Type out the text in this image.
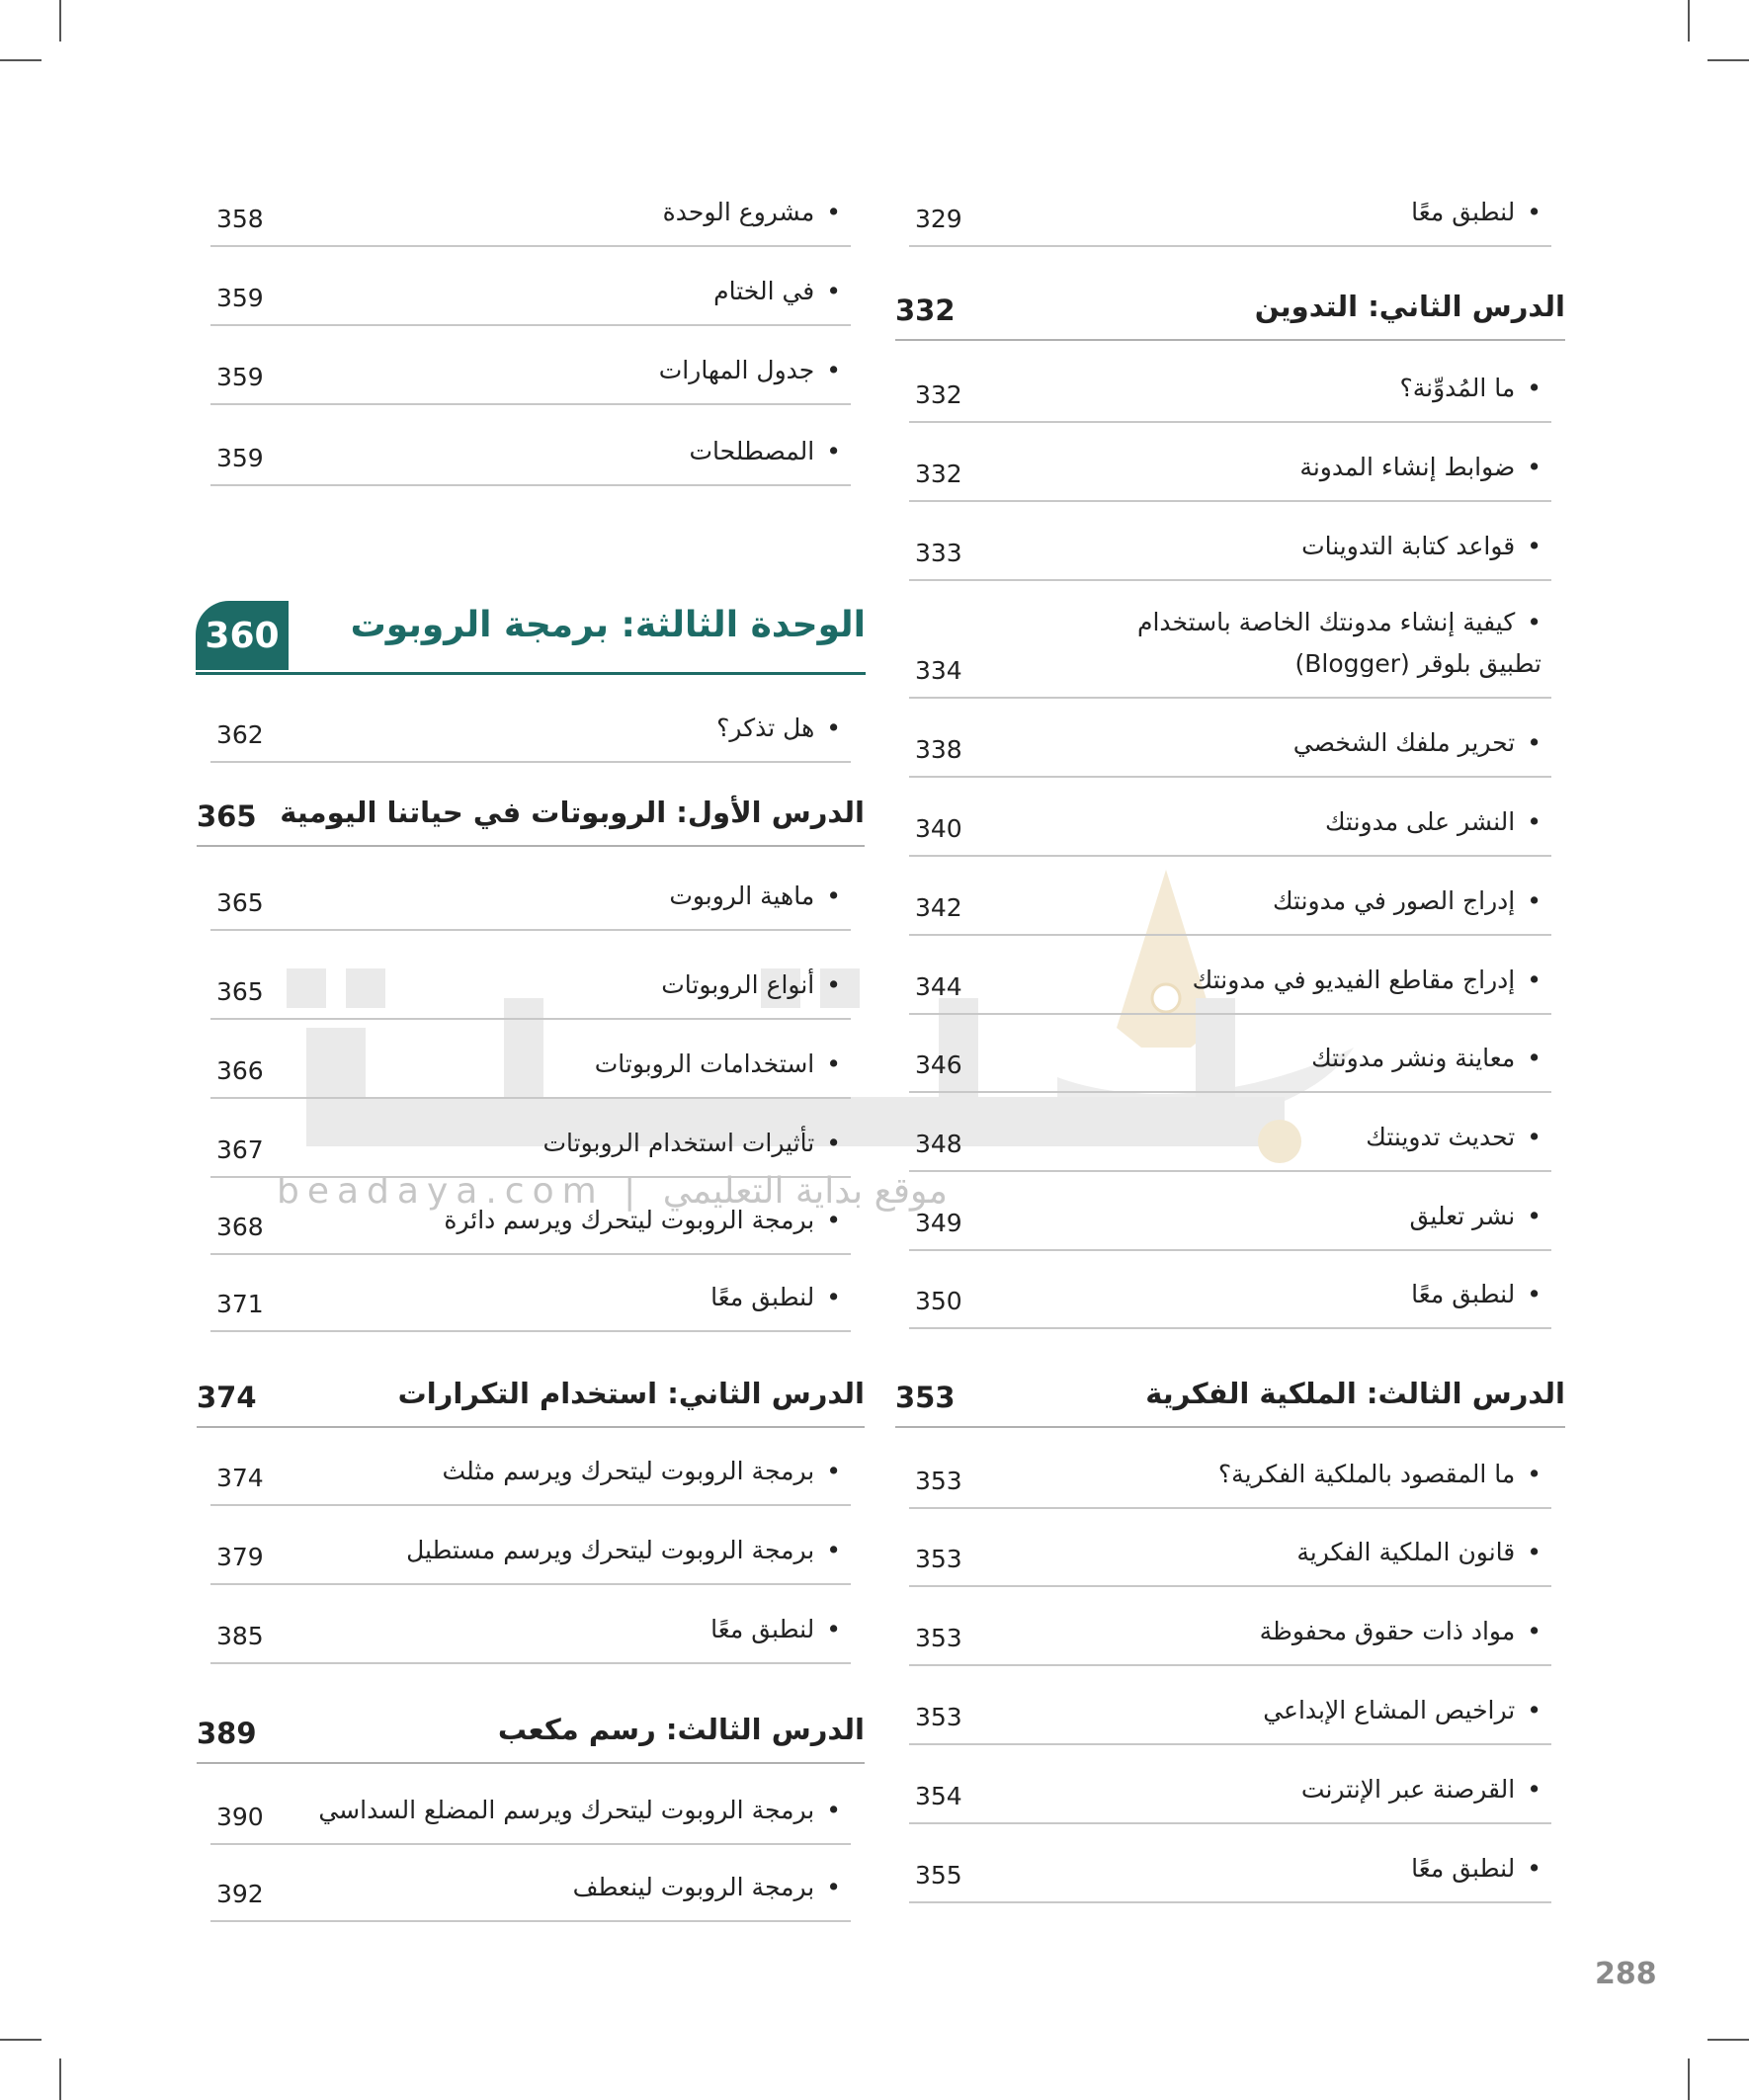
beadaya.com | موقع بداية التعليمي
•لنطبق معًا
329
الدرس الثاني: التدوين
332
•ما المُدوِّنة؟
332
•ضوابط إنشاء المدونة
332
•قواعد كتابة التدوينات
333
•كيفية إنشاء مدونتك الخاصة باستخدام تطبيق بلوقر (Blogger)
334
•تحرير ملفك الشخصي
338
•النشر على مدونتك
340
•إدراج الصور في مدونتك
342
•إدراج مقاطع الفيديو في مدونتك
344
•معاينة ونشر مدونتك
346
•تحديث تدوينتك
348
•نشر تعليق
349
•لنطبق معًا
350
الدرس الثالث: الملكية الفكرية
353
•ما المقصود بالملكية الفكرية؟
353
•قانون الملكية الفكرية
353
•مواد ذات حقوق محفوظة
353
•تراخيص المشاع الإبداعي
353
•القرصنة عبر الإنترنت
354
•لنطبق معًا
355
•مشروع الوحدة
358
•في الختام
359
•جدول المهارات
359
•المصطلحات
359
الوحدة الثالثة: برمجة الروبوت
360
•هل تذكر؟
362
الدرس الأول: الروبوتات في حياتنا اليومية
365
•ماهية الروبوت
365
•أنواع الروبوتات
365
•استخدامات الروبوتات
366
•تأثيرات استخدام الروبوتات
367
•برمجة الروبوت ليتحرك ويرسم دائرة
368
•لنطبق معًا
371
الدرس الثاني: استخدام التكرارات
374
•برمجة الروبوت ليتحرك ويرسم مثلث
374
•برمجة الروبوت ليتحرك ويرسم مستطيل
379
•لنطبق معًا
385
الدرس الثالث: رسم مكعب
389
•برمجة الروبوت ليتحرك ويرسم المضلع السداسي
390
•برمجة الروبوت لينعطف
392
288
